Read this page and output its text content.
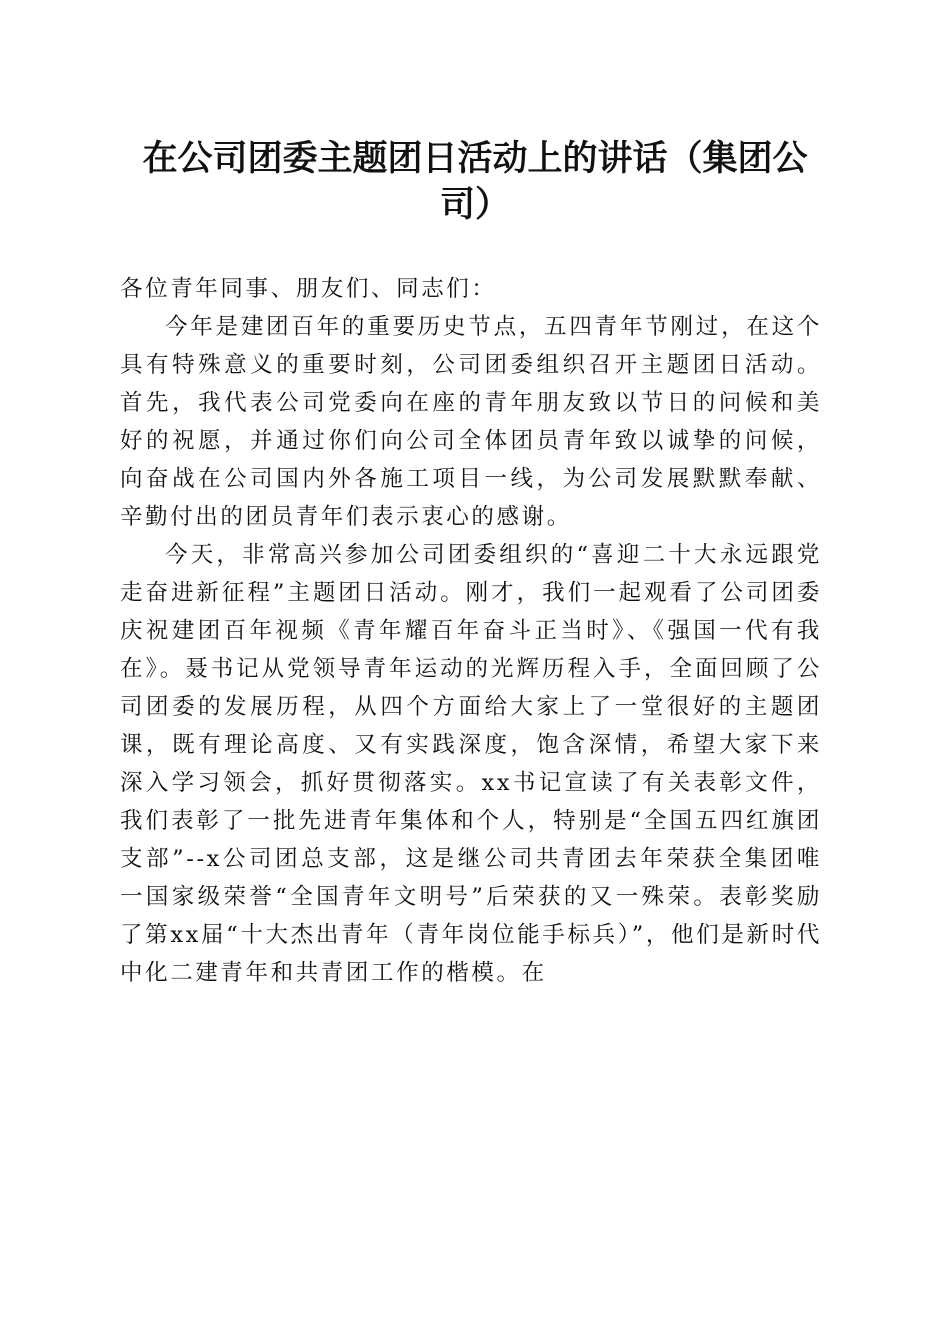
在公司团委主题团日活动上的讲话（集团公司）

各位青年同事、朋友们、同志们：

今年是建团百年的重要历史节点，五四青年节刚过，在这个具有特殊意义的重要时刻，公司团委组织召开主题团日活动。首先，我代表公司党委向在座的青年朋友致以节日的问候和美好的祝愿，并通过你们向公司全体团员青年致以诚挚的问候，向奋战在公司国内外各施工项目一线，为公司发展默默奉献、辛勤付出的团员青年们表示衷心的感谢。

今天，非常高兴参加公司团委组织的“喜迎二十大永远跟党走奋进新征程”主题团日活动。刚才，我们一起观看了公司团委庆祝建团百年视频《青年耀百年奋斗正当时》、《强国一代有我在》。聂书记从党领导青年运动的光辉历程入手，全面回顾了公司团委的发展历程，从四个方面给大家上了一堂很好的主题团课，既有理论高度、又有实践深度，饱含深情，希望大家下来深入学习领会，抓好贯彻落实。xx书记宣读了有关表彰文件，我们表彰了一批先进青年集体和个人，特别是“全国五四红旗团支部”--x公司团总支部，这是继公司共青团去年荣获全集团唯一国家级荣誉“全国青年文明号”后荣获的又一殊荣。表彰奖励了第xx届“十大杰出青年（青年岗位能手标兵）”，他们是新时代中化二建青年和共青团工作的楷模。在
